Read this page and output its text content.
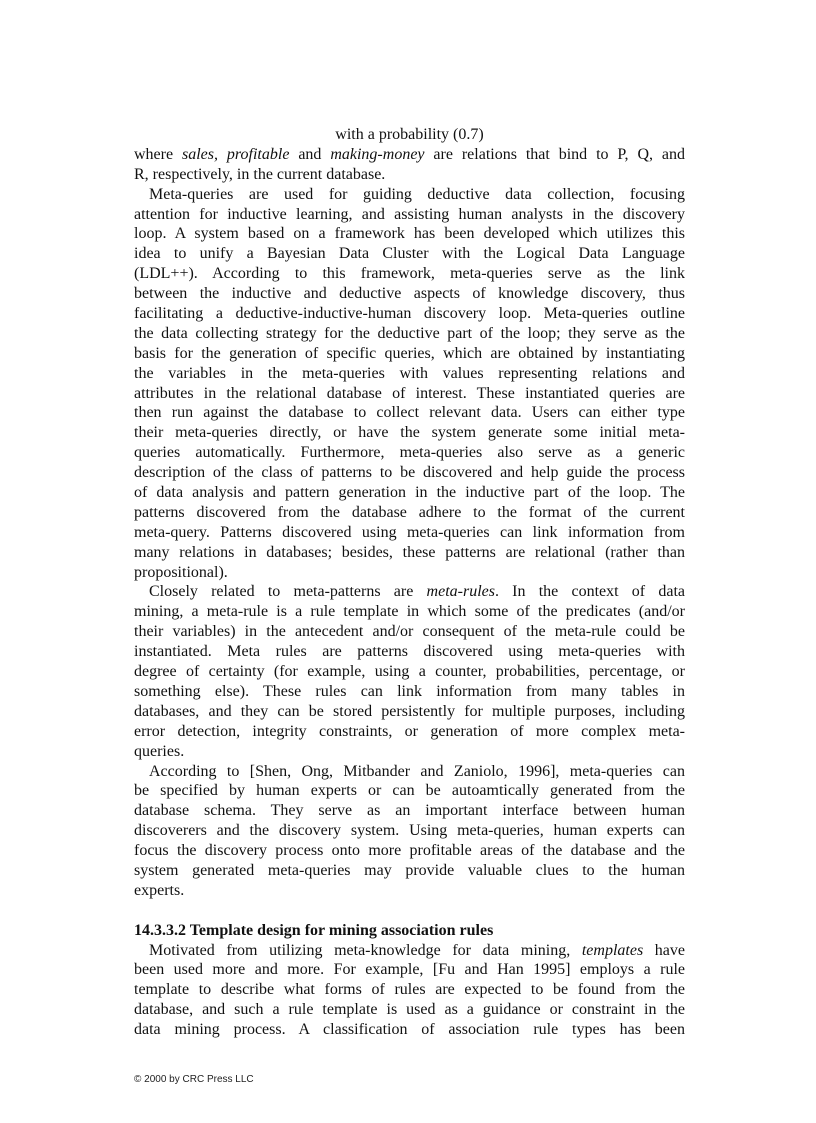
with a probability (0.7)
where sales, profitable and making-money are relations that bind to P, Q, and
R, respectively, in the current database.
Meta-queries are used for guiding deductive data collection, focusing
attention for inductive learning, and assisting human analysts in the discovery
loop. A system based on a framework has been developed which utilizes this
idea to unify a Bayesian Data Cluster with the Logical Data Language
(LDL++). According to this framework, meta-queries serve as the link
between the inductive and deductive aspects of knowledge discovery, thus
facilitating a deductive-inductive-human discovery loop. Meta-queries outline
the data collecting strategy for the deductive part of the loop; they serve as the
basis for the generation of specific queries, which are obtained by instantiating
the variables in the meta-queries with values representing relations and
attributes in the relational database of interest. These instantiated queries are
then run against the database to collect relevant data. Users can either type
their meta-queries directly, or have the system generate some initial meta-
queries automatically. Furthermore, meta-queries also serve as a generic
description of the class of patterns to be discovered and help guide the process
of data analysis and pattern generation in the inductive part of the loop. The
patterns discovered from the database adhere to the format of the current
meta-query. Patterns discovered using meta-queries can link information from
many relations in databases; besides, these patterns are relational (rather than
propositional).
Closely related to meta-patterns are meta-rules. In the context of data
mining, a meta-rule is a rule template in which some of the predicates (and/or
their variables) in the antecedent and/or consequent of the meta-rule could be
instantiated. Meta rules are patterns discovered using meta-queries with
degree of certainty (for example, using a counter, probabilities, percentage, or
something else). These rules can link information from many tables in
databases, and they can be stored persistently for multiple purposes, including
error detection, integrity constraints, or generation of more complex meta-
queries.
According to [Shen, Ong, Mitbander and Zaniolo, 1996], meta-queries can
be specified by human experts or can be autoamtically generated from the
database schema. They serve as an important interface between human
discoverers and the discovery system. Using meta-queries, human experts can
focus the discovery process onto more profitable areas of the database and the
system generated meta-queries may provide valuable clues to the human
experts.
14.3.3.2 Template design for mining association rules
Motivated from utilizing meta-knowledge for data mining, templates have
been used more and more. For example, [Fu and Han 1995] employs a rule
template to describe what forms of rules are expected to be found from the
database, and such a rule template is used as a guidance or constraint in the
data mining process. A classification of association rule types has been
© 2000 by CRC Press LLC
